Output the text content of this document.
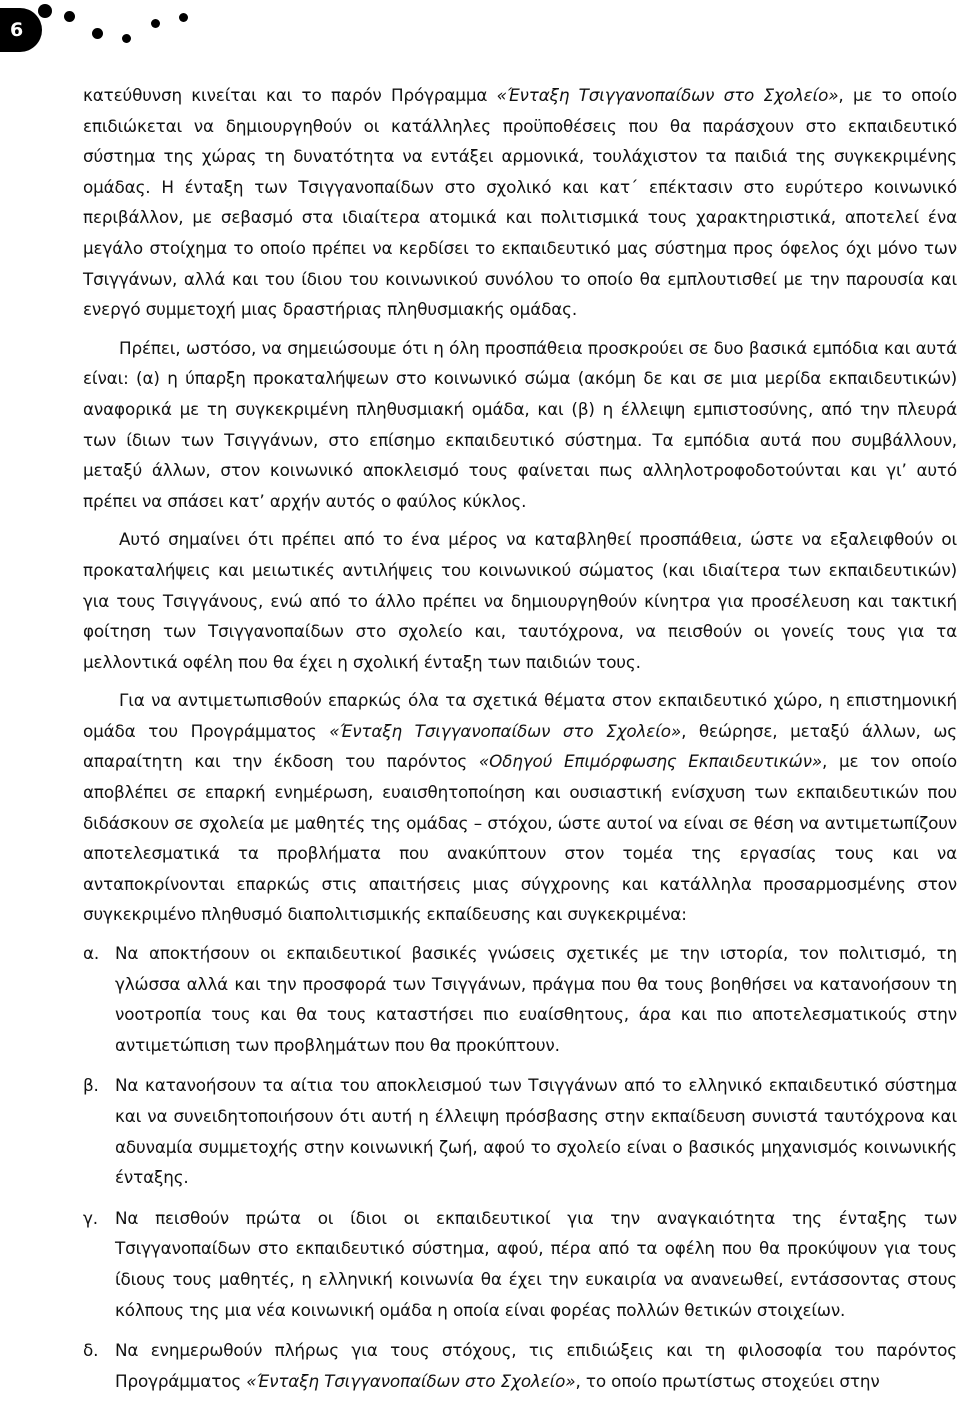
6

κατεύθυνση κινείται και το παρόν Πρόγραμμα «Ένταξη Τσιγγανοπαίδων στο Σχολείο», με το οποίο επιδιώκεται να δημιουργηθούν οι κατάλληλες προϋποθέσεις που θα παράσχουν στο εκπαιδευτικό σύστημα της χώρας τη δυνατότητα να εντάξει αρμονικά, τουλάχιστον τα παιδιά της συγκεκριμένης ομάδας. Η ένταξη των Τσιγγανοπαίδων στο σχολικό και κατ΄ επέκτασιν στο ευρύτερο κοινωνικό περιβάλλον, με σεβασμό στα ιδιαίτερα ατομικά και πολιτισμικά τους χαρακτηριστικά, αποτελεί ένα μεγάλο στοίχημα το οποίο πρέπει να κερδίσει το εκπαιδευτικό μας σύστημα προς όφελος όχι μόνο των Τσιγγάνων, αλλά και του ίδιου του κοινωνικού συνόλου το οποίο θα εμπλουτισθεί με την παρουσία και ενεργό συμμετοχή μιας δραστήριας πληθυσμιακής ομάδας.

Πρέπει, ωστόσο, να σημειώσουμε ότι η όλη προσπάθεια προσκρούει σε δυο βασικά εμπόδια και αυτά είναι: (α) η ύπαρξη προκαταλήψεων στο κοινωνικό σώμα (ακόμη δε και σε μια μερίδα εκπαιδευτικών) αναφορικά με τη συγκεκριμένη πληθυσμιακή ομάδα, και (β) η έλλειψη εμπιστοσύνης, από την πλευρά των ίδιων των Τσιγγάνων, στο επίσημο εκπαιδευτικό σύστημα. Τα εμπόδια αυτά που συμβάλλουν, μεταξύ άλλων, στον κοινωνικό αποκλεισμό τους φαίνεται πως αλληλοτροφοδοτούνται και γι’ αυτό πρέπει να σπάσει κατ’ αρχήν αυτός ο φαύλος κύκλος.

Αυτό σημαίνει ότι πρέπει από το ένα μέρος να καταβληθεί προσπάθεια, ώστε να εξαλειφθούν οι προκαταλήψεις και μειωτικές αντιλήψεις του κοινωνικού σώματος (και ιδιαίτερα των εκπαιδευτικών) για τους Τσιγγάνους, ενώ από το άλλο πρέπει να δημιουργηθούν κίνητρα για προσέλευση και τακτική φοίτηση των Τσιγγανοπαίδων στο σχολείο και, ταυτόχρονα, να πεισθούν οι γονείς τους για τα μελλοντικά οφέλη που θα έχει η σχολική ένταξη των παιδιών τους.

Για να αντιμετωπισθούν επαρκώς όλα τα σχετικά θέματα στον εκπαιδευτικό χώρο, η επιστημονική ομάδα του Προγράμματος «Ένταξη Τσιγγανοπαίδων στο Σχολείο», θεώρησε, μεταξύ άλλων, ως απαραίτητη και την έκδοση του παρόντος «Οδηγού Επιμόρφωσης Εκπαιδευτικών», με τον οποίο αποβλέπει σε επαρκή ενημέρωση, ευαισθητοποίηση και ουσιαστική ενίσχυση των εκπαιδευτικών που διδάσκουν σε σχολεία με μαθητές της ομάδας – στόχου, ώστε αυτοί να είναι σε θέση να αντιμετωπίζουν αποτελεσματικά τα προβλήματα που ανακύπτουν στον τομέα της εργασίας τους και να ανταποκρίνονται επαρκώς στις απαιτήσεις μιας σύγχρονης και κατάλληλα προσαρμοσμένης στον συγκεκριμένο πληθυσμό διαπολιτισμικής εκπαίδευσης και συγκεκριμένα:

α. Να αποκτήσουν οι εκπαιδευτικοί βασικές γνώσεις σχετικές με την ιστορία, τον πολιτισμό, τη γλώσσα αλλά και την προσφορά των Τσιγγάνων, πράγμα που θα τους βοηθήσει να κατανοήσουν τη νοοτροπία τους και θα τους καταστήσει πιο ευαίσθητους, άρα και πιο αποτελεσματικούς στην αντιμετώπιση των προβλημάτων που θα προκύπτουν.
β. Να κατανοήσουν τα αίτια του αποκλεισμού των Τσιγγάνων από το ελληνικό εκπαιδευτικό σύστημα και να συνειδητοποιήσουν ότι αυτή η έλλειψη πρόσβασης στην εκπαίδευση συνιστά ταυτόχρονα και αδυναμία συμμετοχής στην κοινωνική ζωή, αφού το σχολείο είναι ο βασικός μηχανισμός κοινωνικής ένταξης.
γ.	Να πεισθούν πρώτα οι ίδιοι οι εκπαιδευτικοί για την αναγκαιότητα της ένταξης των Τσιγγανοπαίδων στο εκπαιδευτικό σύστημα, αφού, πέρα από τα οφέλη που θα προκύψουν για τους ίδιους τους μαθητές, η ελληνική κοινωνία θα έχει την ευκαιρία να ανανεωθεί, εντάσσοντας στους κόλπους της μια νέα κοινωνική ομάδα η οποία είναι φορέας πολλών θετικών στοιχείων.
δ. Να ενημερωθούν πλήρως για τους στόχους, τις επιδιώξεις και τη φιλοσοφία του παρόντος Προγράμματος «Ένταξη Τσιγγανοπαίδων στο Σχολείο», το οποίο πρωτίστως στοχεύει στην
